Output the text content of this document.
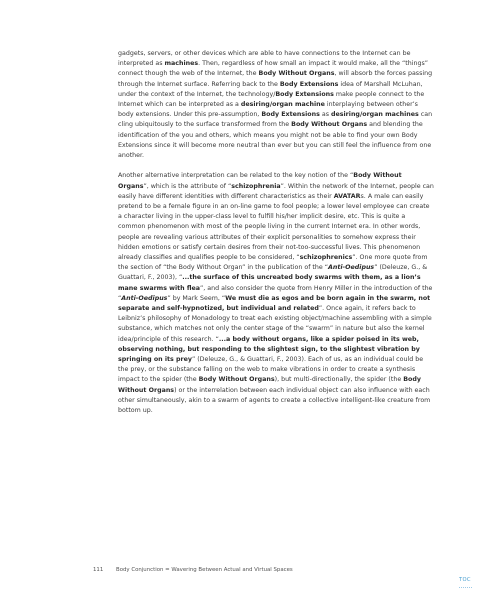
gadgets, servers, or other devices which are able to have connections to the Internet can be interpreted as machines. Then, regardless of how small an impact it would make, all the “things” connect though the web of the Internet, the Body Without Organs, will absorb the forces passing through the Internet surface. Referring back to the Body Extensions idea of Marshall McLuhan, under the context of the Internet, the technology/Body Extensions make people connect to the Internet which can be interpreted as a desiring/organ machine interplaying between other’s body extensions. Under this pre-assumption, Body Extensions as desiring/organ machines can cling ubiquitously to the surface transformed from the Body Without Organs and blending the identification of the you and others, which means you might not be able to find your own Body Extensions since it will become more neutral than ever but you can still feel the influence from one another.

Another alternative interpretation can be related to the key notion of the “Body Without Organs”, which is the attribute of “schizophrenia”. Within the network of the Internet, people can easily have different identities with different characteristics as their AVATARs. A male can easily pretend to be a female figure in an on-line game to fool people; a lower level employee can create a character living in the upper-class level to fulfill his/her implicit desire, etc. This is quite a common phenomenon with most of the people living in the current Internet era. In other words, people are revealing various attributes of their explicit personalities to somehow express their hidden emotions or satisfy certain desires from their not-too-successful lives. This phenomenon already classifies and qualifies people to be considered, “schizophrenics”. One more quote from the section of “the Body Without Organ” in the publication of the “Anti-Oedipus” (Deleuze, G., & Guattari, F., 2003), “...the surface of this uncreated body swarms with them, as a lion’s mane swarms with flea”, and also consider the quote from Henry Miller in the introduction of the “Anti-Oedipus” by Mark Seem, “We must die as egos and be born again in the swarm, not separate and self-hypnotized, but individual and related”. Once again, it refers back to Leibniz’s philosophy of Monadology to treat each existing object/machine assembling with a simple substance, which matches not only the center stage of the “swarm” in nature but also the kernel idea/principle of this research. “...a body without organs, like a spider poised in its web, observing nothing, but responding to the slightest sign, to the slightest vibration by springing on its prey” (Deleuze, G., & Guattari, F., 2003). Each of us, as an individual could be the prey, or the substance falling on the web to make vibrations in order to create a synthesis impact to the spider (the Body Without Organs), but multi-directionally, the spider (the Body Without Organs) or the interrelation between each individual object can also influence with each other simultaneously, akin to a swarm of agents to create a collective intelligent-like creature from bottom up.

111 Body Conjunction = Wavering Between Actual and Virtual Spaces
TOC
